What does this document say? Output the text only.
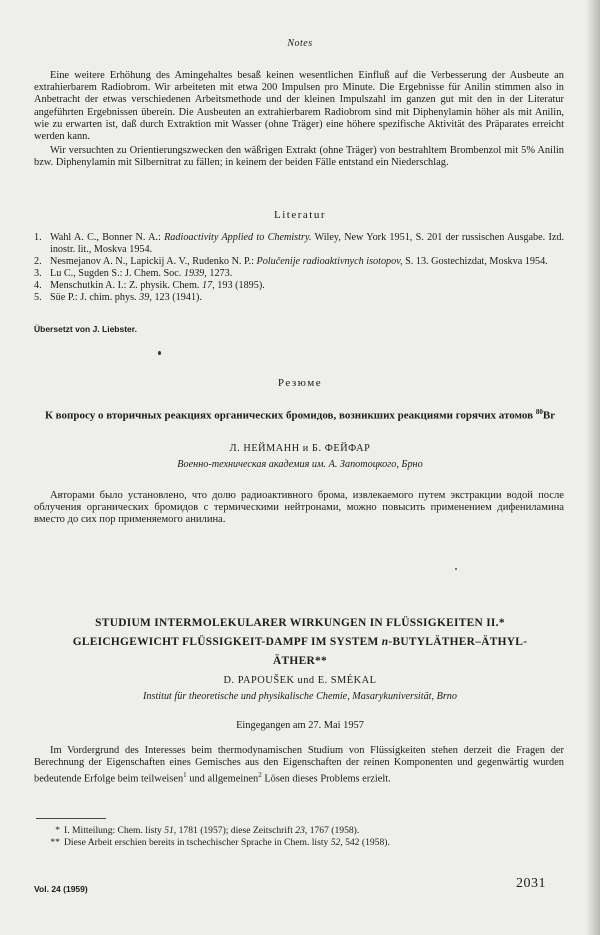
Notes

Eine weitere Erhöhung des Amingehaltes besaß keinen wesentlichen Einfluß auf die Verbesserung der Ausbeute an extrahierbarem Radiobrom. Wir arbeiteten mit etwa 200 Impulsen pro Minute. Die Ergebnisse für Anilin stimmen also in Anbetracht der etwas verschiedenen Arbeitsmethode und der kleinen Impulszahl im ganzen gut mit den in der Literatur angeführten Ergebnissen überein. Die Ausbeuten an extrahierbarem Radiobrom sind mit Diphenylamin höher als mit Anilin, wie zu erwarten ist, daß durch Extraktion mit Wasser (ohne Träger) eine höhere spezifische Aktivität des Präparates erreicht werden kann.

Wir versuchten zu Orientierungszwecken den wäßrigen Extrakt (ohne Träger) von bestrahltem Brombenzol mit 5% Anilin bzw. Diphenylamin mit Silbernitrat zu fällen; in keinem der beiden Fälle entstand ein Niederschlag.

Literatur
1. Wahl A. C., Bonner N. A.: Radioactivity Applied to Chemistry. Wiley, New York 1951, S. 201 der russischen Ausgabe. Izd. inostr. lit., Moskva 1954.
2. Nesmejanov A. N., Lapickij A. V., Rudenko N. P.: Polučenije radioaktivnych isotopov, S. 13. Gostechizdat, Moskva 1954.
3. Lu C., Sugden S.: J. Chem. Soc. 1939, 1273.
4. Menschutkin A. I.: Z. physik. Chem. 17, 193 (1895).
5. Süe P.: J. chim. phys. 39, 123 (1941).
Übersetzt von J. Liebster.
Резюме
К вопросу о вторичных реакциях органических бромидов, возникших реакциями горячих атомов $^{80}$Br
Л. НЕЙМАНН и Б. ФЕЙФАР
Военно-техническая академия им. А. Запотоцкого, Брно

Авторами было установлено, что долю радиоактивного брома, извлекаемого путем экстракции водой после облучения органических бромидов с термическими нейтронами, можно повысить применением дифениламина вместо до сих пор применяемого анилина.

STUDIUM INTERMOLEKULARER WIRKUNGEN IN FLÜSSIGKEITEN II.*
GLEICHGEWICHT FLÜSSIGKEIT-DAMPF IM SYSTEM n-BUTYLÄTHER–ÄTHYL-
ÄTHER**
D. PAPOUŠEK und E. SMÉKAL
Institut für theoretische und physikalische Chemie, Masarykuniversität, Brno
Eingegangen am 27. Mai 1957

Im Vordergrund des Interesses beim thermodynamischen Studium von Flüssigkeiten stehen derzeit die Fragen der Berechnung der Eigenschaften eines Gemisches aus den Eigenschaften der reinen Komponenten und gegenwärtig wurden bedeutende Erfolge beim teilweisen$^1$ und allgemeinen$^2$ Lösen dieses Problems erzielt.

* I. Mitteilung: Chem. listy 51, 1781 (1957); diese Zeitschrift 23, 1767 (1958).
** Diese Arbeit erschien bereits in tschechischer Sprache in Chem. listy 52, 542 (1958).
Vol. 24 (1959)	2031
